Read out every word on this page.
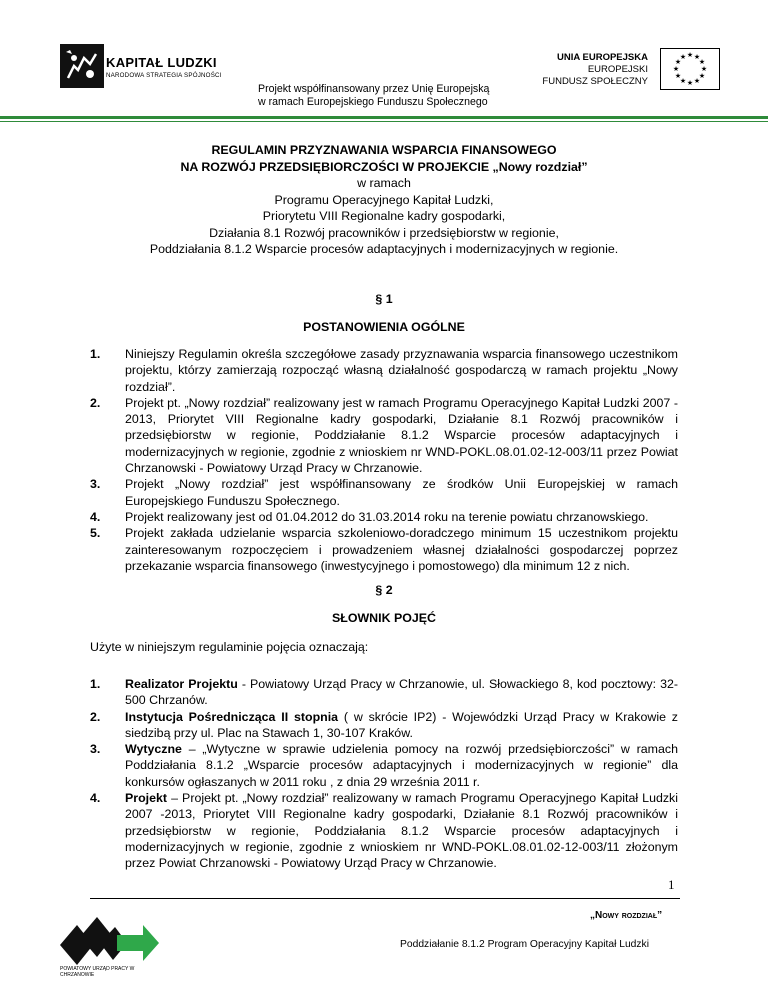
KAPITAŁ LUDZKI
NARODOWA STRATEGIA SPÓJNOŚCI
Projekt współfinansowany przez Unię Europejską
w ramach Europejskiego Funduszu Społecznego
UNIA EUROPEJSKA
EUROPEJSKI
FUNDUSZ SPOŁECZNY
★ ★
★
★
★
★
★
★
★
★
★
★
REGULAMIN PRZYZNAWANIA WSPARCIA FINANSOWEGO
NA ROZWÓJ PRZEDSIĘBIORCZOŚCI W PROJEKCIE „Nowy rozdział”
w ramach
Programu Operacyjnego Kapitał Ludzki,
Priorytetu VIII Regionalne kadry gospodarki,
Działania 8.1 Rozwój pracowników i przedsiębiorstw w regionie,
Poddziałania 8.1.2 Wsparcie procesów adaptacyjnych i modernizacyjnych w regionie.
§ 1
POSTANOWIENIA OGÓLNE
1. Niniejszy Regulamin określa szczegółowe zasady przyznawania wsparcia finansowego uczestnikom projektu, którzy zamierzają rozpocząć własną działalność gospodarczą w ramach projektu „Nowy rozdział”.
2. Projekt pt. „Nowy rozdział” realizowany jest w ramach Programu Operacyjnego Kapitał Ludzki 2007 - 2013, Priorytet VIII Regionalne kadry gospodarki, Działanie 8.1 Rozwój pracowników i przedsiębiorstw w regionie, Poddziałanie 8.1.2 Wsparcie procesów adaptacyjnych i modernizacyjnych w regionie, zgodnie z wnioskiem nr WND-POKL.08.01.02-12-003/11 przez Powiat Chrzanowski - Powiatowy Urząd Pracy w Chrzanowie.
3. Projekt „Nowy rozdział” jest współfinansowany ze środków Unii Europejskiej w ramach Europejskiego Funduszu Społecznego.
4. Projekt realizowany jest od 01.04.2012 do 31.03.2014 roku na terenie powiatu chrzanowskiego.
5. Projekt zakłada udzielanie wsparcia szkoleniowo-doradczego minimum 15 uczestnikom projektu zainteresowanym rozpoczęciem i prowadzeniem własnej działalności gospodarczej poprzez przekazanie wsparcia finansowego (inwestycyjnego i pomostowego) dla minimum 12 z nich.
§ 2
SŁOWNIK POJĘĆ
Użyte w niniejszym regulaminie pojęcia oznaczają:
1. Realizator Projektu - Powiatowy Urząd Pracy w Chrzanowie, ul. Słowackiego 8, kod pocztowy: 32-500 Chrzanów.
2. Instytucja Pośrednicząca II stopnia ( w skrócie IP2) - Wojewódzki Urząd Pracy w Krakowie z siedzibą przy ul. Plac na Stawach 1, 30-107 Kraków.
3. Wytyczne – „Wytyczne w sprawie udzielenia pomocy na rozwój przedsiębiorczości” w ramach Poddziałania 8.1.2 „Wsparcie procesów adaptacyjnych i modernizacyjnych w regionie” dla konkursów ogłaszanych w 2011 roku , z dnia 29 września 2011 r.
4. Projekt – Projekt pt. „Nowy rozdział” realizowany w ramach Programu Operacyjnego Kapitał Ludzki 2007 -2013, Priorytet VIII Regionalne kadry gospodarki, Działanie 8.1 Rozwój pracowników i przedsiębiorstw w regionie, Poddziałania 8.1.2 Wsparcie procesów adaptacyjnych i modernizacyjnych w regionie, zgodnie z wnioskiem nr WND-POKL.08.01.02-12-003/11 złożonym przez Powiat Chrzanowski - Powiatowy Urząd Pracy w Chrzanowie.
1
POWIATOWY URZĄD PRACY W CHRZANOWIE
„Nowy rozdział”
Poddziałanie 8.1.2 Program Operacyjny Kapitał Ludzki
